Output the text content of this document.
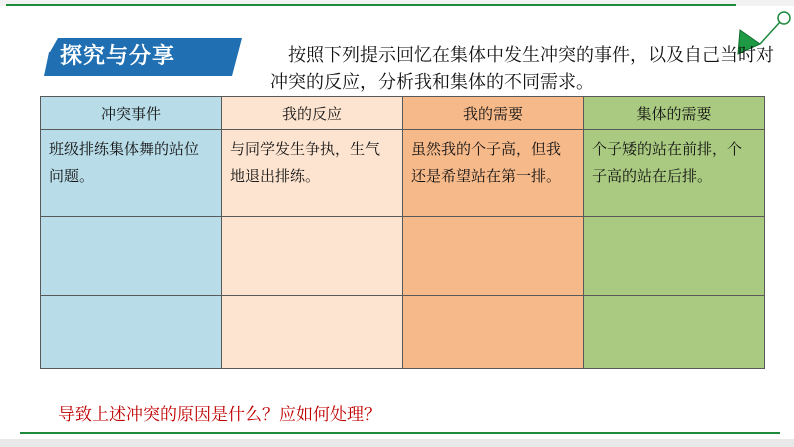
探究与分享	按照下列提示回忆在集体中发生冲突的事件，以及自己当时对冲突的反应，分析我和集体的不同需求。
冲突事件	我的反应	我的需要	集体的需要

班级排练集体舞的站位问题。	与同学发生争执，生气地退出排练。	虽然我的个子高，但我还是希望站在第一排。	个子矮的站在前排，个子高的站在后排。

导致上述冲突的原因是什么？应如何处理？
